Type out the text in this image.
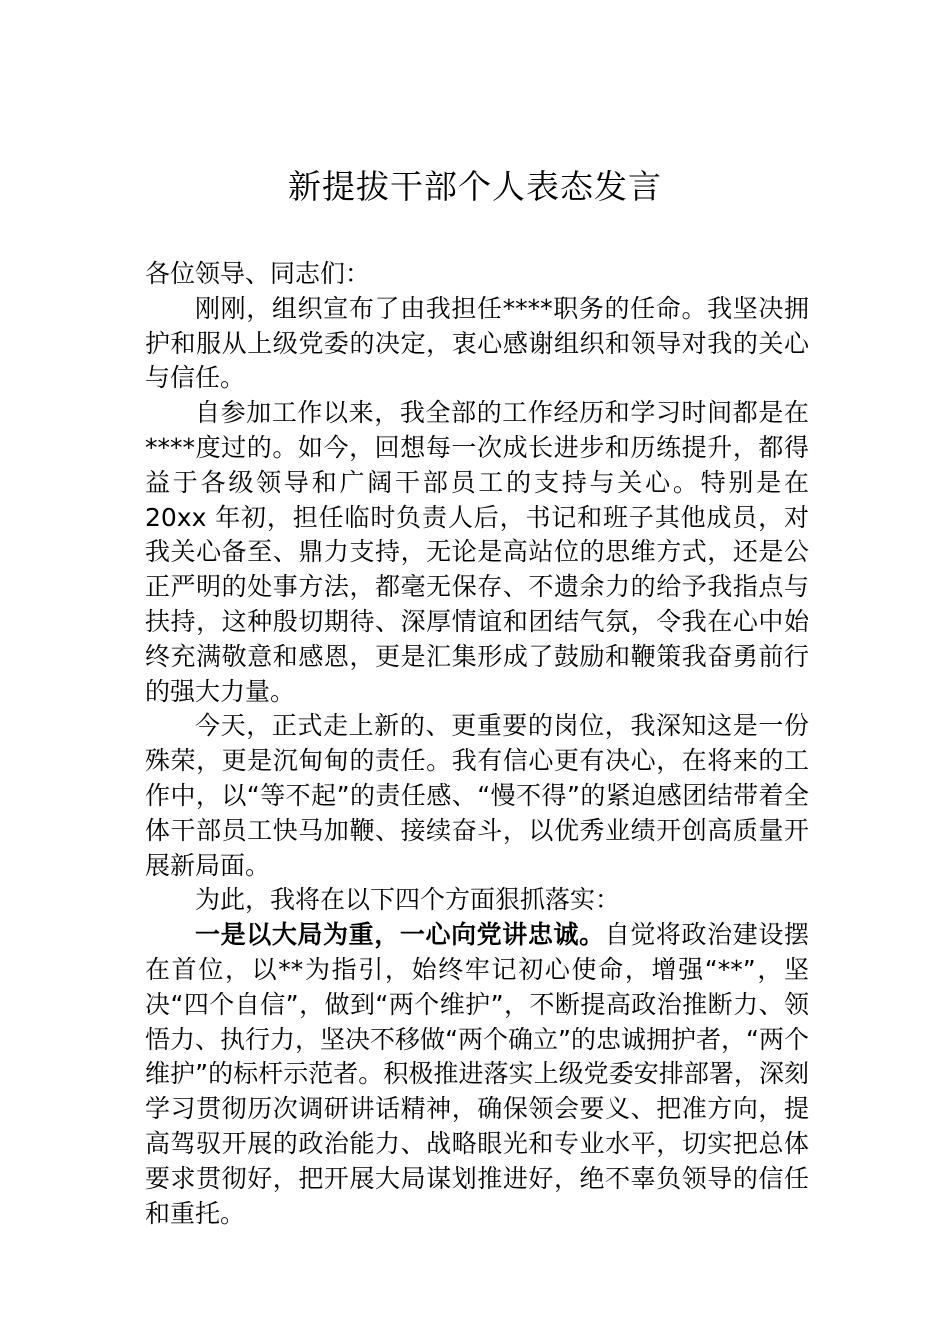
新提拔干部个人表态发言

各位领导、同志们：

刚刚，组织宣布了由我担任****职务的任命。我坚决拥护和服从上级党委的决定，衷心感谢组织和领导对我的关心与信任。

自参加工作以来，我全部的工作经历和学习时间都是在****度过的。如今，回想每一次成长进步和历练提升，都得益于各级领导和广阔干部员工的支持与关心。特别是在 20xx 年初，担任临时负责人后，书记和班子其他成员，对我关心备至、鼎力支持，无论是高站位的思维方式，还是公正严明的处事方法，都毫无保存、不遗余力的给予我指点与扶持，这种殷切期待、深厚情谊和团结气氛，令我在心中始终充满敬意和感恩，更是汇集形成了鼓励和鞭策我奋勇前行的强大力量。

今天，正式走上新的、更重要的岗位，我深知这是一份殊荣，更是沉甸甸的责任。我有信心更有决心，在将来的工作中，以“等不起”的责任感、“慢不得”的紧迫感团结带着全体干部员工快马加鞭、接续奋斗，以优秀业绩开创高质量开展新局面。

为此，我将在以下四个方面狠抓落实：

一是以大局为重，一心向党讲忠诚。自觉将政治建设摆在首位，以**为指引，始终牢记初心使命，增强“**”，坚决“四个自信”，做到“两个维护”，不断提高政治推断力、领悟力、执行力，坚决不移做“两个确立”的忠诚拥护者，“两个维护”的标杆示范者。积极推进落实上级党委安排部署，深刻学习贯彻历次调研讲话精神，确保领会要义、把准方向，提高驾驭开展的政治能力、战略眼光和专业水平，切实把总体要求贯彻好，把开展大局谋划推进好，绝不辜负领导的信任和重托。
